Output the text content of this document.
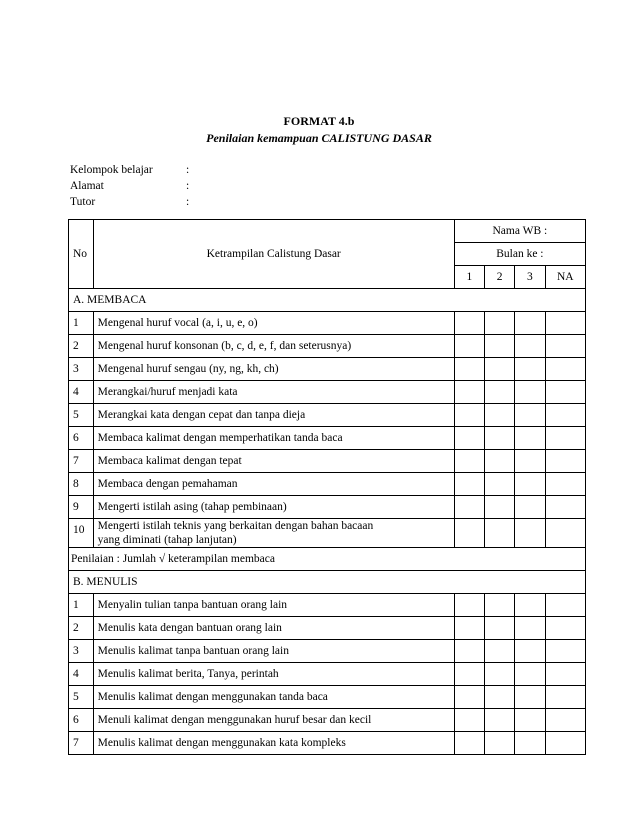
FORMAT 4.b
Penilaian kemampuan CALISTUNG DASAR
Kelompok belajar	:
Alamat	:
Tutor	:
No	Ketrampilan Calistung Dasar	Nama WB :			
		Bulan ke :			
		1	2	3	NA
A. MEMBACA					
1	Mengenal huruf vocal (a, i, u, e, o)				
2	Mengenal huruf konsonan (b, c, d, e, f, dan seterusnya)				
3	Mengenal huruf sengau (ny, ng, kh, ch)				
4	Merangkai/huruf menjadi kata				
5	Merangkai kata dengan cepat dan tanpa dieja				
6	Membaca kalimat dengan memperhatikan tanda baca				
7	Membaca kalimat dengan tepat				
8	Membaca dengan pemahaman				
9	Mengerti istilah asing (tahap pembinaan)				
10	Mengerti istilah teknis yang berkaitan dengan bahan bacaan
yang diminati (tahap lanjutan)				

Penilaian : Jumlah √ keterampilan membaca					
B. MENULIS					
1	Menyalin tulian tanpa bantuan orang lain				
2	Menulis kata dengan bantuan orang lain				
3	Menulis kalimat tanpa bantuan orang lain				
4	Menulis kalimat berita, Tanya, perintah				
5	Menulis kalimat dengan menggunakan tanda baca				
6	Menuli kalimat dengan menggunakan huruf besar dan kecil				
7	Menulis kalimat dengan menggunakan kata kompleks				
